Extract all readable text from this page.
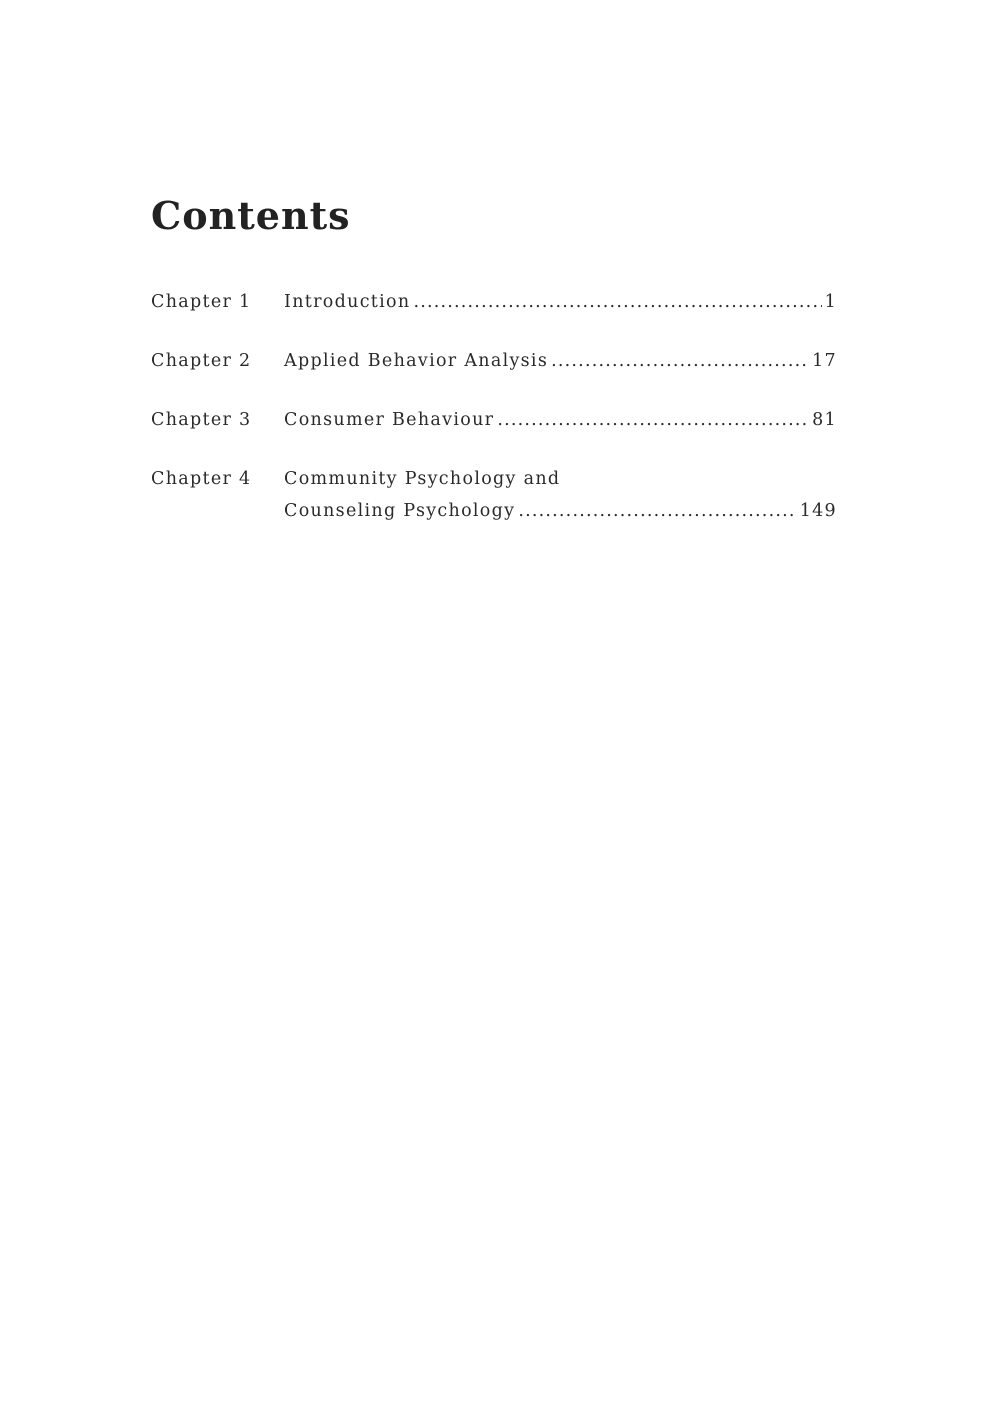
Contents
Chapter 1 Introduction .....	1
Chapter 2 Applied Behavior Analysis .....	17
Chapter 3 Consumer Behaviour .....	81
Chapter 4 Community Psychology and
Counseling Psychology .....	149
